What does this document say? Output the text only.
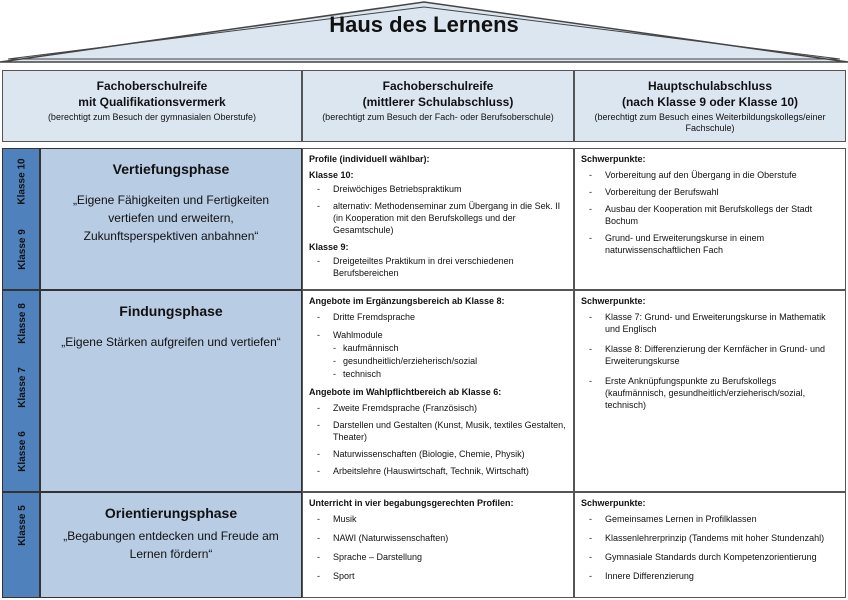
Haus des Lernens
Fachoberschulreife
mit Qualifikationsvermerk
(berechtigt zum Besuch der gymnasialen Oberstufe)
Fachoberschulreife
(mittlerer Schulabschluss)
(berechtigt zum Besuch der Fach- oder Berufsoberschule)
Hauptschulabschluss
(nach Klasse 9 oder Klasse 10)
(berechtigt zum Besuch eines Weiterbildungskollegs/einer Fachschule)
Klasse 10
Klasse 9
Vertiefungsphase
„Eigene Fähigkeiten und Fertigkeiten vertiefen und erweitern, Zukunftsperspektiven anbahnen“
Profile (individuell wählbar):
Klasse 10:
- Dreiwöchiges Betriebspraktikum
- alternativ: Methodenseminar zum Übergang in die Sek. II (in Kooperation mit den Berufskollegs und der Gesamtschule)
Klasse 9:
- Dreigeteiltes Praktikum in drei verschiedenen Berufsbereichen
Schwerpunkte:
- Vorbereitung auf den Übergang in die Oberstufe
- Vorbereitung der Berufswahl
- Ausbau der Kooperation mit Berufskollegs der Stadt Bochum
- Grund- und Erweiterungskurse in einem naturwissenschaftlichen Fach
Klasse 8
Klasse 7
Klasse 6
Findungsphase
„Eigene Stärken aufgreifen und vertiefen“
Angebote im Ergänzungsbereich ab Klasse 8:
- Dritte Fremdsprache
- Wahlmodule
- kaufmännisch
- gesundheitlich/erzieherisch/sozial
- technisch
Angebote im Wahlpflichtbereich ab Klasse 6:
- Zweite Fremdsprache (Französisch)
- Darstellen und Gestalten (Kunst, Musik, textiles Gestalten, Theater)
- Naturwissenschaften (Biologie, Chemie, Physik)
- Arbeitslehre (Hauswirtschaft, Technik, Wirtschaft)
Schwerpunkte:
- Klasse 7: Grund- und Erweiterungskurse in Mathematik und Englisch
- Klasse 8: Differenzierung der Kernfächer in Grund- und Erweiterungskurse
- Erste Anknüpfungspunkte zu Berufskollegs (kaufmännisch, gesundheitlich/erzieherisch/sozial, technisch)
Klasse 5	Orientierungsphase
„Begabungen entdecken und Freude am Lernen fördern“
Unterricht in vier begabungsgerechten Profilen:
- Musik
- NAWI (Naturwissenschaften)
- Sprache – Darstellung
- Sport
Schwerpunkte:
- Gemeinsames Lernen in Profilklassen
- Klassenlehrerprinzip (Tandems mit hoher Stundenzahl)
- Gymnasiale Standards durch Kompetenzorientierung
- Innere Differenzierung
